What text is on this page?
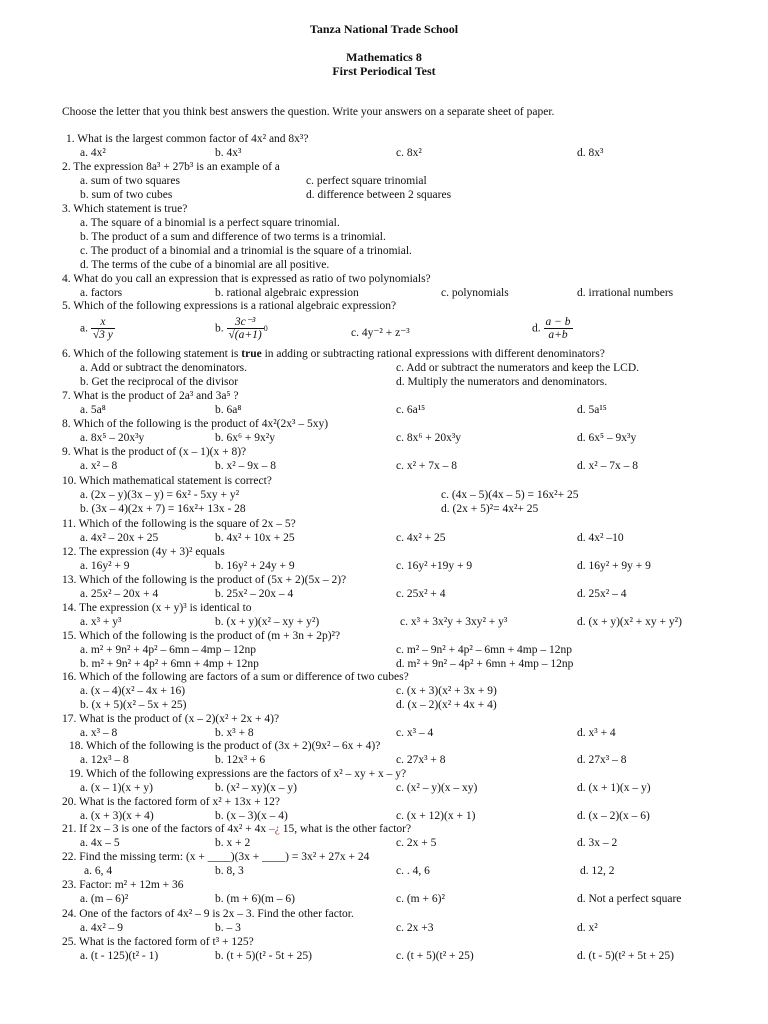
Tanza National Trade School
Mathematics 8
First Periodical Test
Choose the letter that you think best answers the question. Write your answers on a separate sheet of paper.
1. What is the largest common factor of 4x² and 8x³?
a. 4x²	b. 4x³	c. 8x²	d. 8x³
2. The expression 8a³ + 27b³ is an example of a
a. sum of two squares	c. perfect square trinomial
b. sum of two cubes	d. difference between 2 squares
3. Which statement is true?
a. The square of a binomial is a perfect square trinomial.
b. The product of a sum and difference of two terms is a trinomial.
c. The product of a binomial and a trinomial is the square of a trinomial.
d. The terms of the cube of a binomial are all positive.
4. What do you call an expression that is expressed as ratio of two polynomials?
a. factors	b. rational algebraic expression	c. polynomials	d. irrational numbers
5. Which of the following expressions is a rational algebraic expression?
a. $\frac{x}{√3 y}$	b. $\frac{\text{3c⁻³}}{√(a+1)} 0$	c. 4y⁻² + z⁻³	d. $\frac{a - b}{a+b}$
6. Which of the following statement is true in adding or subtracting rational expressions with different denominators?
a. Add or subtract the denominators.	c. Add or subtract the numerators and keep the LCD.
b. Get the reciprocal of the divisor	d. Multiply the numerators and denominators.
7. What is the product of 2a³ and 3a⁵ ?
a. 5a⁸	b. 6a⁸	c. 6a¹⁵	d. 5a¹⁵
8. Which of the following is the product of 4x²(2x³ – 5xy)
a. 8x⁵ – 20x³y	b. 6x⁶ + 9x²y	c. 8x⁶ + 20x³y	d. 6x⁵ – 9x³y
9. What is the product of (x – 1)(x + 8)?
a. x² – 8	b. x² – 9x – 8	c. x² + 7x – 8	d. x² – 7x – 8
10. Which mathematical statement is correct?
a. (2x – y)(3x – y) = 6x² - 5xy + y²	c. (4x – 5)(4x – 5) = 16x²+ 25
b. (3x – 4)(2x + 7) = 16x²+ 13x - 28	d. (2x + 5)²= 4x²+ 25
11. Which of the following is the square of 2x – 5?
a. 4x² – 20x + 25	b. 4x² + 10x + 25	c. 4x² + 25	d. 4x² –10
12. The expression (4y + 3)² equals
a. 16y² + 9	b. 16y² + 24y + 9	c. 16y² +19y + 9	d. 16y² + 9y + 9
13. Which of the following is the product of (5x + 2)(5x – 2)?
a. 25x² – 20x + 4	b. 25x² – 20x – 4	c. 25x² + 4	d. 25x² – 4
14. The expression (x + y)³ is identical to
a. x³ + y³	b. (x + y)(x² – xy + y²)	c. x³ + 3x²y + 3xy² + y³	d. (x + y)(x² + xy + y²)
15. Which of the following is the product of (m + 3n + 2p)²?
a. m² + 9n² + 4p² – 6mn – 4mp – 12np	c. m² – 9n² + 4p² – 6mn + 4mp – 12np
b. m² + 9n² + 4p² + 6mn + 4mp + 12np	d. m² + 9n² – 4p² + 6mn + 4mp – 12np
16. Which of the following are factors of a sum or difference of two cubes?
a. (x – 4)(x² – 4x + 16)	c. (x + 3)(x² + 3x + 9)
b. (x + 5)(x² – 5x + 25)	d. (x – 2)(x² + 4x + 4)
17. What is the product of (x – 2)(x² + 2x + 4)?
a. x³ – 8	b. x³ + 8	c. x³ – 4	d. x³ + 4
18. Which of the following is the product of (3x + 2)(9x² – 6x + 4)?
a. 12x³ – 8	b. 12x³ + 6	c. 27x³ + 8	d. 27x³ – 8
19. Which of the following expressions are the factors of x² – xy + x – y?
a. (x – 1)(x + y)	b. (x² – xy)(x – y)	c. (x² – y)(x – xy)	d. (x + 1)(x – y)
20. What is the factored form of x² + 13x + 12?
a. (x + 3)(x + 4)	b. (x – 3)(x – 4)	c. (x + 12)(x + 1)	d. (x – 2)(x – 6)
21. If 2x – 3 is one of the factors of 4x² + 4x –¿ 15, what is the other factor?
a. 4x – 5	b. x + 2	c. 2x + 5	d. 3x – 2
22. Find the missing term: (x + ____)(3x + ____) = 3x² + 27x + 24
a. 6, 4	b. 8, 3	c. . 4, 6	d. 12, 2
23. Factor: m² + 12m + 36
a. (m – 6)²	b. (m + 6)(m – 6)	c. (m + 6)²	d. Not a perfect square
24. One of the factors of 4x² – 9 is 2x – 3. Find the other factor.
a. 4x² – 9	b. – 3	c. 2x +3	d. x²
25. What is the factored form of t³ + 125?
a. (t - 125)(t² - 1)	b. (t + 5)(t² - 5t + 25)	c. (t + 5)(t² + 25)	d. (t - 5)(t² + 5t + 25)
